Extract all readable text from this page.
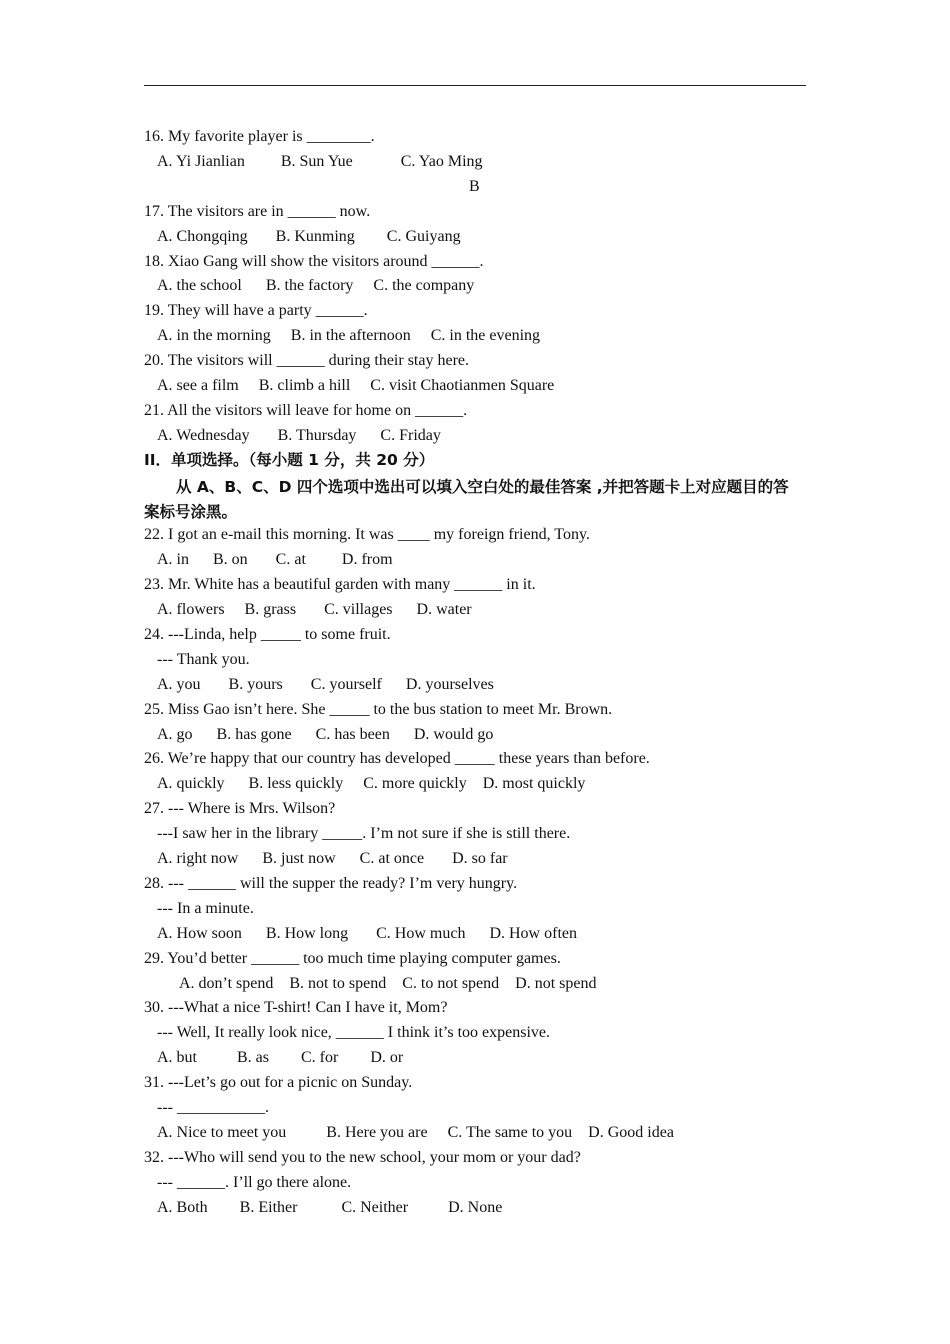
16. My favorite player is ________.
A. Yi Jianlian         B. Sun Yue            C. Yao Ming
B
17. The visitors are in ______ now.
A. Chongqing       B. Kunming        C. Guiyang
18. Xiao Gang will show the visitors around ______.
A. the school      B. the factory     C. the company
19. They will have a party ______.
A. in the morning     B. in the afternoon     C. in the evening
20. The visitors will ______ during their stay here.
A. see a film     B. climb a hill     C. visit Chaotianmen Square
21. All the visitors will leave for home on ______.
A. Wednesday       B. Thursday      C. Friday
II．单项选择。（每小题 1 分，共 20 分）
从 A、B、C、D 四个选项中选出可以填入空白处的最佳答案 ,并把答题卡上对应题目的答
案标号涂黑。
22. I got an e-mail this morning. It was ____ my foreign friend, Tony.
A. in      B. on       C. at         D. from
23. Mr. White has a beautiful garden with many ______ in it.
A. flowers     B. grass       C. villages      D. water
24. ---Linda, help _____ to some fruit.
--- Thank you.
A. you       B. yours       C. yourself      D. yourselves
25. Miss Gao isn’t here. She _____ to the bus station to meet Mr. Brown.
A. go      B. has gone      C. has been      D. would go
26. We’re happy that our country has developed _____ these years than before.
A. quickly      B. less quickly     C. more quickly    D. most quickly
27. --- Where is Mrs. Wilson?
---I saw her in the library _____. I’m not sure if she is still there.
A. right now      B. just now      C. at once       D. so far
28. --- ______ will the supper the ready? I’m very hungry.
--- In a minute.
A. How soon      B. How long       C. How much      D. How often
29. You’d better ______ too much time playing computer games.
A. don’t spend    B. not to spend    C. to not spend    D. not spend
30. ---What a nice T-shirt! Can I have it, Mom?
--- Well, It really look nice, ______ I think it’s too expensive.
A. but          B. as        C. for        D. or
31. ---Let’s go out for a picnic on Sunday.
--- ___________.
A. Nice to meet you          B. Here you are     C. The same to you    D. Good idea
32. ---Who will send you to the new school, your mom or your dad?
--- ______. I’ll go there alone.
A. Both        B. Either           C. Neither          D. None
